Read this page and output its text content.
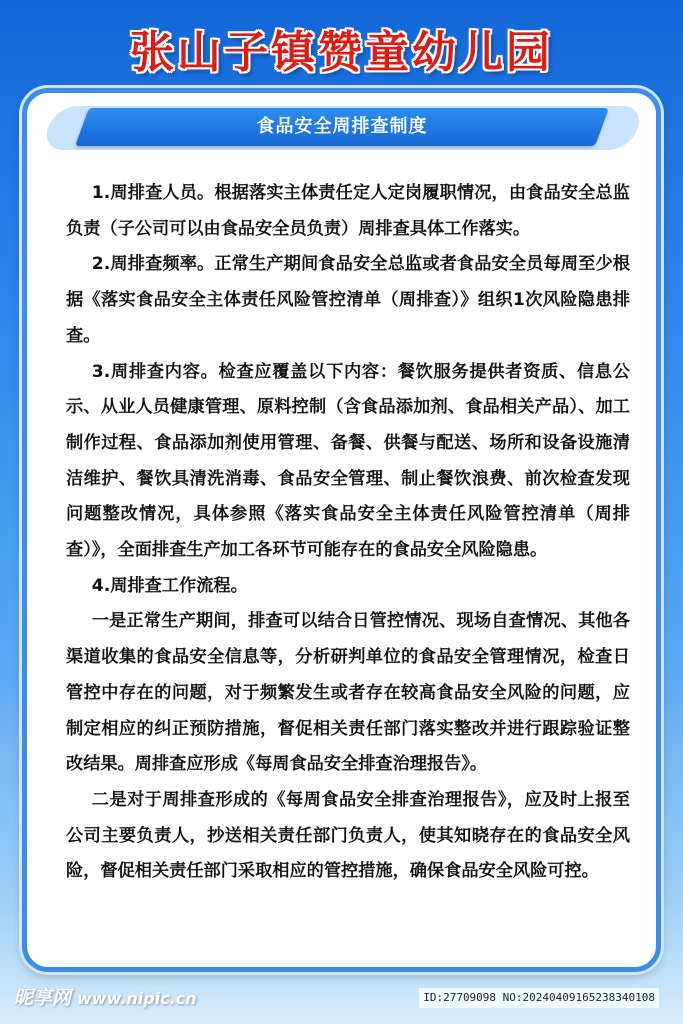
张山子镇赞童幼儿园
食品安全周排查制度

1.周排查人员。根据落实主体责任定人定岗履职情况，由食品安全总监负责（子公司可以由食品安全员负责）周排查具体工作落实。

2.周排查频率。正常生产期间食品安全总监或者食品安全员每周至少根据《落实食品安全主体责任风险管控清单（周排查）》组织1次风险隐患排查。

3.周排查内容。检查应覆盖以下内容：餐饮服务提供者资质、信息公示、从业人员健康管理、原料控制（含食品添加剂、食品相关产品）、加工制作过程、食品添加剂使用管理、备餐、供餐与配送、场所和设备设施清洁维护、餐饮具清洗消毒、食品安全管理、制止餐饮浪费、前次检查发现问题整改情况，具体参照《落实食品安全主体责任风险管控清单（周排查）》，全面排查生产加工各环节可能存在的食品安全风险隐患。

4.周排查工作流程。

一是正常生产期间，排查可以结合日管控情况、现场自查情况、其他各渠道收集的食品安全信息等，分析研判单位的食品安全管理情况，检查日管控中存在的问题，对于频繁发生或者存在较高食品安全风险的问题，应制定相应的纠正预防措施，督促相关责任部门落实整改并进行跟踪验证整改结果。周排查应形成《每周食品安全排查治理报告》。

二是对于周排查形成的《每周食品安全排查治理报告》，应及时上报至公司主要负责人，抄送相关责任部门负责人，使其知晓存在的食品安全风险，督促相关责任部门采取相应的管控措施，确保食品安全风险可控。

昵享网 www.nipic.cn	ID:27709098 NO:20240409165238340108
